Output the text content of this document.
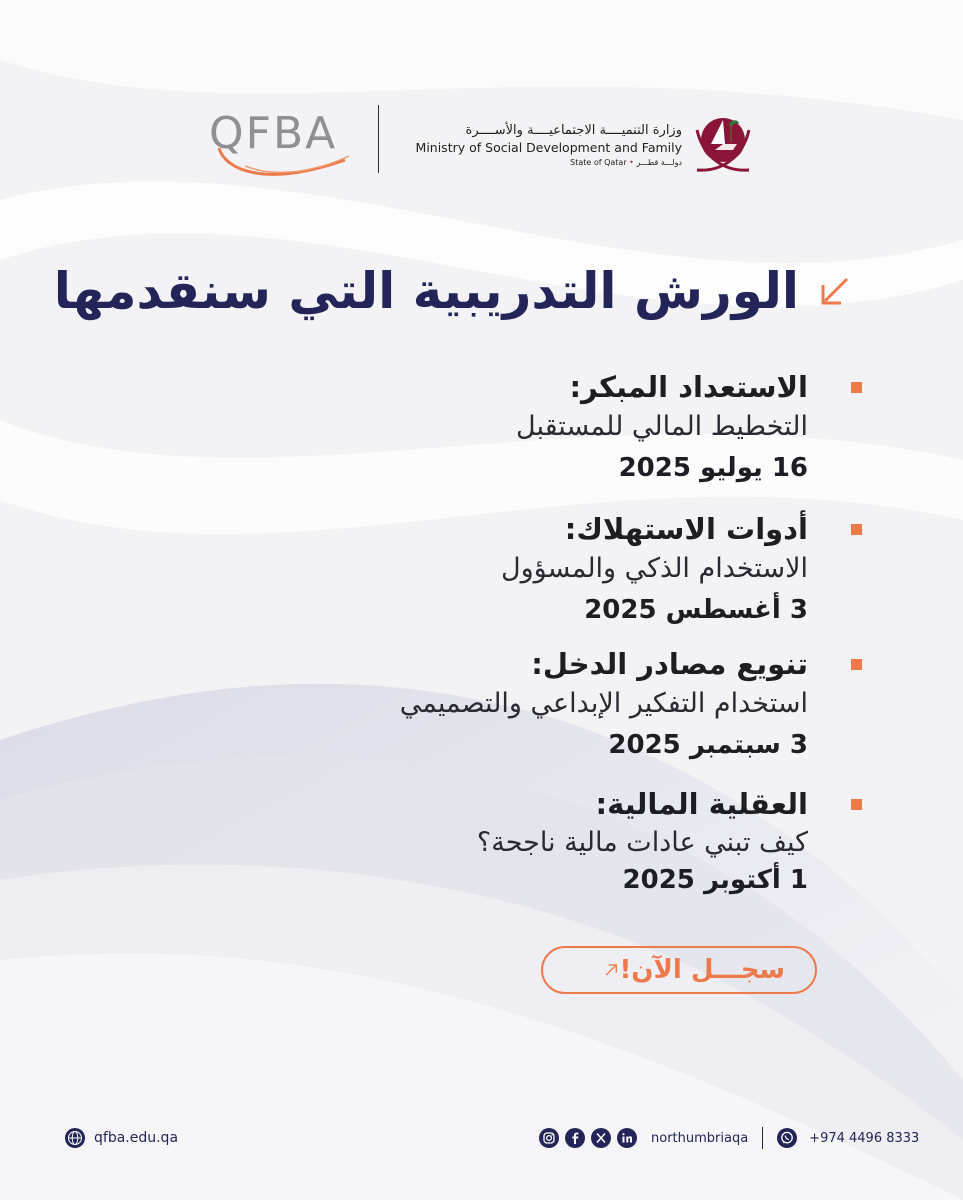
QFBA	وزارة التنميــــة الاجتماعيــــة والأســــرة
Ministry of Social Development and Family
State of Qatar • دولـــة قطـــر
الورش التدريبية التي سنقدمها
الاستعداد المبكر:
التخطيط المالي للمستقبل
16 يوليو 2025
أدوات الاستهلاك:
الاستخدام الذكي والمسؤول
3 أغسطس 2025
تنويع مصادر الدخل:
استخدام التفكير الإبداعي والتصميمي
3 سبتمبر 2025
العقلية المالية:
كيف تبني عادات مالية ناجحة؟
1 أكتوبر 2025
سجـــل الآن!
qfba.edu.qa	northumbriaqa	+974 4496 8333
